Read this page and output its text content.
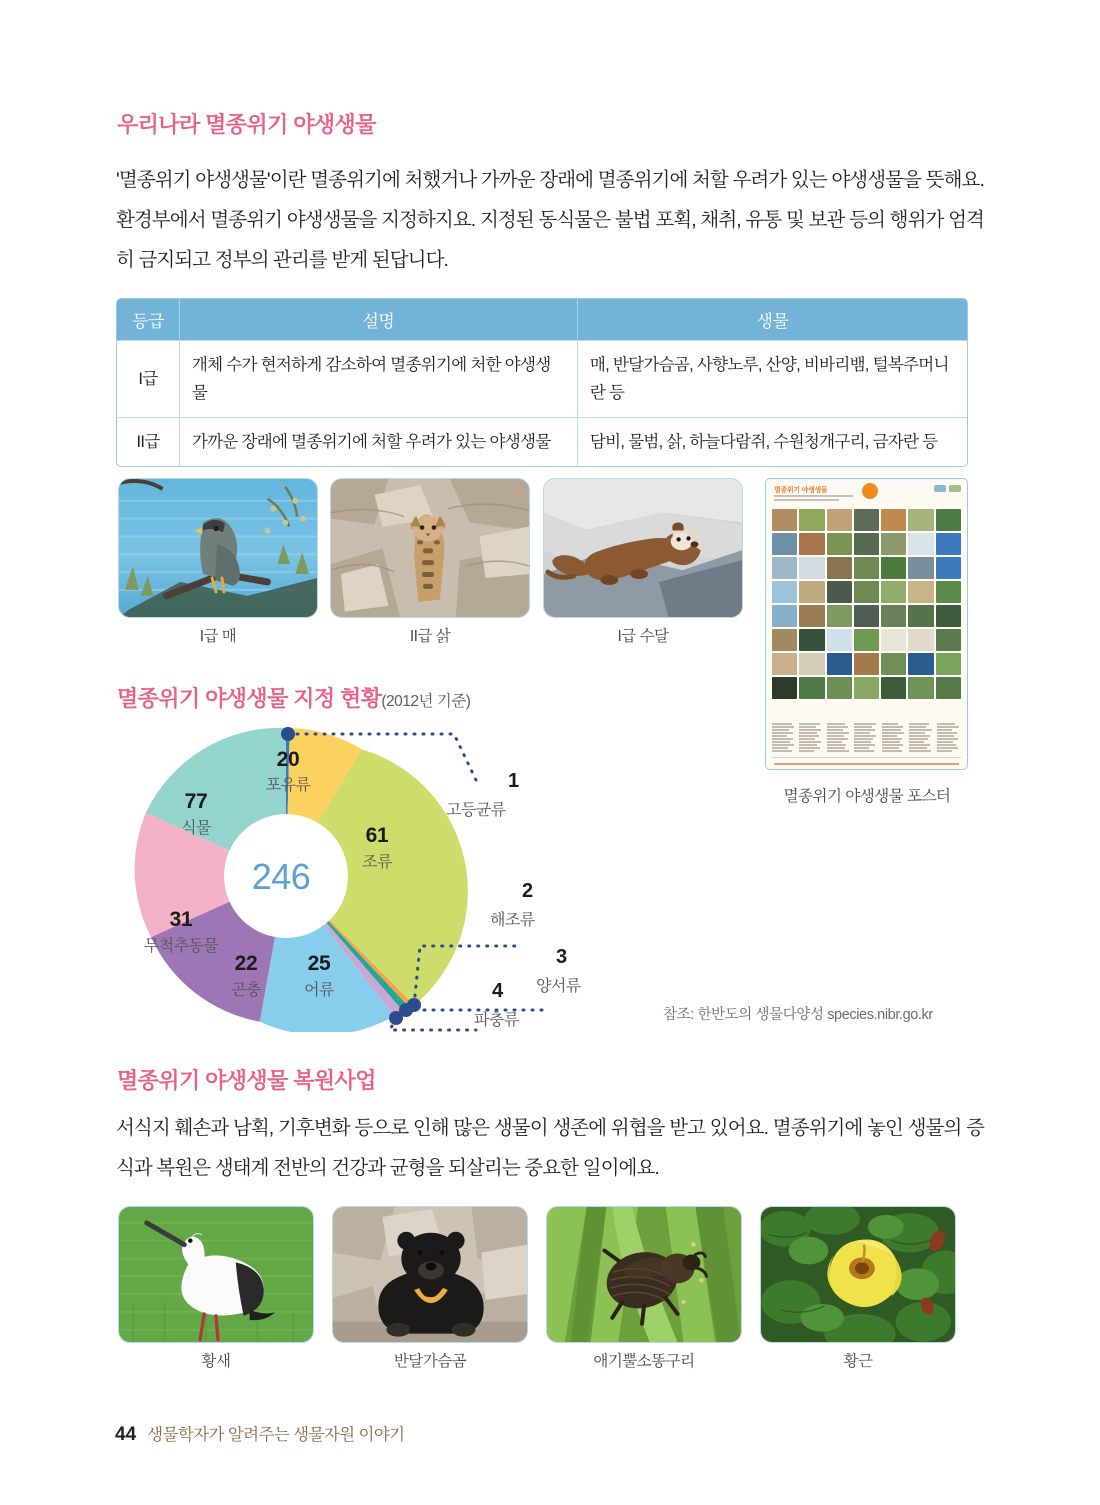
우리나라 멸종위기 야생생물
'멸종위기 야생생물'이란 멸종위기에 처했거나 가까운 장래에 멸종위기에 처할 우려가 있는 야생생물을 뜻해요. 환경부에서 멸종위기 야생생물을 지정하지요. 지정된 동식물은 불법 포획, 채취, 유통 및 보관 등의 행위가 엄격히 금지되고 정부의 관리를 받게 된답니다.
등급	설명	생물
I급	개체 수가 현저하게 감소하여 멸종위기에 처한 야생생물	매, 반달가슴곰, 사향노루, 산양, 비바리뱀, 털복주머니란 등
II급	가까운 장래에 멸종위기에 처할 우려가 있는 야생생물	담비, 물범, 삵, 하늘다람쥐, 수원청개구리, 금자란 등
I급 매	II급 삵	I급 수달
멸종위기 야생생물
멸종위기 야생생물 포스터
멸종위기 야생생물 지정 현황(2012년 기준)
20
포유류
61
조류
25
어류
22
곤충
31
무척추동물
77
식물
246
1
고등균류
2
해조류
3
양서류
4
파충류	참조: 한반도의 생물다양성 species.nibr.go.kr
멸종위기 야생생물 복원사업
서식지 훼손과 남획, 기후변화 등으로 인해 많은 생물이 생존에 위협을 받고 있어요. 멸종위기에 놓인 생물의 증식과 복원은 생태계 전반의 건강과 균형을 되살리는 중요한 일이에요.
황새	반달가슴곰	애기뿔소똥구리	황근
44 생물학자가 알려주는 생물자원 이야기
